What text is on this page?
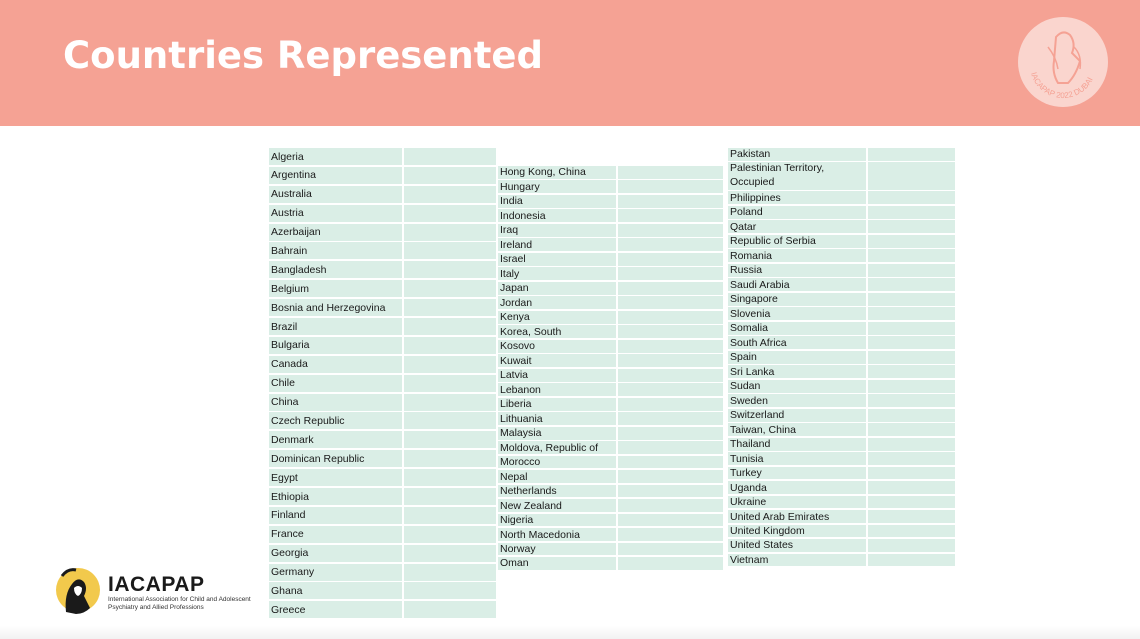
Countries Represented	IACAPAP 2022 DUBAI
Algeria
Argentina
Australia
Austria
Azerbaijan
Bahrain
Bangladesh
Belgium
Bosnia and Herzegovina
Brazil
Bulgaria
Canada
Chile
China
Czech Republic
Denmark
Dominican Republic
Egypt
Ethiopia
Finland
France
Georgia
Germany
Ghana
Greece
Hong Kong, China
Hungary
India
Indonesia
Iraq
Ireland
Israel
Italy
Japan
Jordan
Kenya
Korea, South
Kosovo
Kuwait
Latvia
Lebanon
Liberia
Lithuania
Malaysia
Moldova, Republic of
Morocco
Nepal
Netherlands
New Zealand
Nigeria
North Macedonia
Norway
Oman
Pakistan
Palestinian Territory, Occupied
Philippines
Poland
Qatar
Republic of Serbia
Romania
Russia
Saudi Arabia
Singapore
Slovenia
Somalia
South Africa
Spain
Sri Lanka
Sudan
Sweden
Switzerland
Taiwan, China
Thailand
Tunisia
Turkey
Uganda
Ukraine
United Arab Emirates
United Kingdom
United States
Vietnam
IACAPAP
International Association for Child and Adolescent Psychiatry and Allied Professions
